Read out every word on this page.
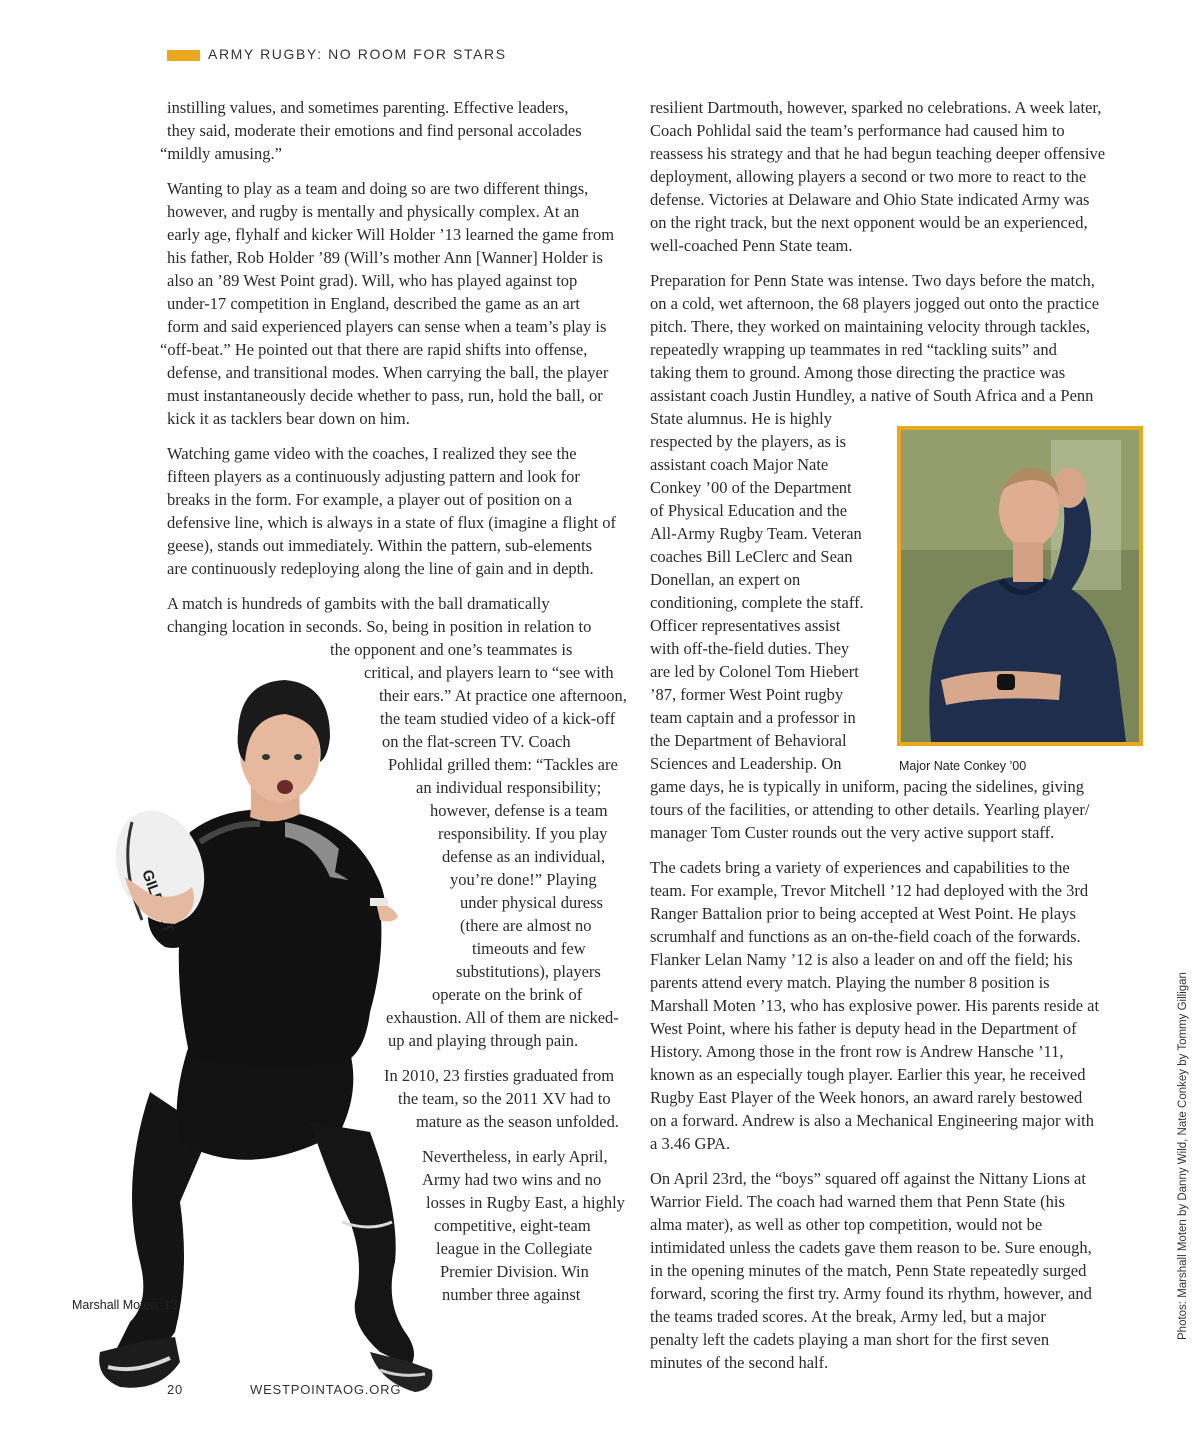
ARMY RUGBY: NO ROOM FOR STARS

instilling values, and sometimes parenting. Effective leaders,
they said, moderate their emotions and find personal accolades
“mildly amusing.”

Wanting to play as a team and doing so are two different things,
however, and rugby is mentally and physically complex. At an
early age, flyhalf and kicker Will Holder ’13 learned the game from
his father, Rob Holder ’89 (Will’s mother Ann [Wanner] Holder is
also an ’89 West Point grad). Will, who has played against top
under-17 competition in England, described the game as an art
form and said experienced players can sense when a team’s play is
“off-beat.” He pointed out that there are rapid shifts into offense,
defense, and transitional modes. When carrying the ball, the player
must instantaneously decide whether to pass, run, hold the ball, or
kick it as tacklers bear down on him.

Watching game video with the coaches, I realized they see the
fifteen players as a continuously adjusting pattern and look for
breaks in the form. For example, a player out of position on a
defensive line, which is always in a state of flux (imagine a flight of
geese), stands out immediately. Within the pattern, sub-elements
are continuously redeploying along the line of gain and in depth.

A match is hundreds of gambits with the ball dramatically
changing location in seconds. So, being in position in relation to
the opponent and one’s teammates is
critical, and players learn to “see with
their ears.” At practice one afternoon,
the team studied video of a kick-off
on the flat-screen TV. Coach
Pohlidal grilled them: “Tackles are
an individual responsibility;
however, defense is a team
responsibility. If you play
defense as an individual,
you’re done!” Playing
under physical duress
(there are almost no
timeouts and few
substitutions), players
operate on the brink of
exhaustion. All of them are nicked-
up and playing through pain.

In 2010, 23 firsties graduated from
the team, so the 2011 XV had to
mature as the season unfolded.

Nevertheless, in early April,
Army had two wins and no
losses in Rugby East, a highly
competitive, eight-team
league in the Collegiate
Premier Division. Win
number three against

resilient Dartmouth, however, sparked no celebrations. A week later,
Coach Pohlidal said the team’s performance had caused him to
reassess his strategy and that he had begun teaching deeper offensive
deployment, allowing players a second or two more to react to the
defense. Victories at Delaware and Ohio State indicated Army was
on the right track, but the next opponent would be an experienced,
well-coached Penn State team.

Preparation for Penn State was intense. Two days before the match,
on a cold, wet afternoon, the 68 players jogged out onto the practice
pitch. There, they worked on maintaining velocity through tackles,
repeatedly wrapping up teammates in red “tackling suits” and
taking them to ground. Among those directing the practice was
assistant coach Justin Hundley, a native of South Africa and a Penn
State alumnus. He is highly
respected by the players, as is
assistant coach Major Nate
Conkey ’00 of the Department
of Physical Education and the
All-Army Rugby Team. Veteran
coaches Bill LeClerc and Sean
Donellan, an expert on
conditioning, complete the staff.
Officer representatives assist
with off-the-field duties. They
are led by Colonel Tom Hiebert
’87, former West Point rugby
team captain and a professor in
the Department of Behavioral
Sciences and Leadership. On
game days, he is typically in uniform, pacing the sidelines, giving
tours of the facilities, or attending to other details. Yearling player/
manager Tom Custer rounds out the very active support staff.

The cadets bring a variety of experiences and capabilities to the
team. For example, Trevor Mitchell ’12 had deployed with the 3rd
Ranger Battalion prior to being accepted at West Point. He plays
scrumhalf and functions as an on-the-field coach of the forwards.
Flanker Lelan Namy ’12 is also a leader on and off the field; his
parents attend every match. Playing the number 8 position is
Marshall Moten ’13, who has explosive power. His parents reside at
West Point, where his father is deputy head in the Department of
History. Among those in the front row is Andrew Hansche ’11,
known as an especially tough player. Earlier this year, he received
Rugby East Player of the Week honors, an award rarely bestowed
on a forward. Andrew is also a Mechanical Engineering major with
a 3.46 GPA.

On April 23rd, the “boys” squared off against the Nittany Lions at
Warrior Field. The coach had warned them that Penn State (his
alma mater), as well as other top competition, would not be
intimidated unless the cadets gave them reason to be. Sure enough,
in the opening minutes of the match, Penn State repeatedly surged
forward, scoring the first try. Army found its rhythm, however, and
the teams traded scores. At the break, Army led, but a major
penalty left the cadets playing a man short for the first seven
minutes of the second half.

Major Nate Conkey ’00
Marshall Moten ’13	Photos: Marshall Moten by Danny Wild, Nate Conkey by Tommy Gilligan
20	WESTPOINTAOG.ORG
